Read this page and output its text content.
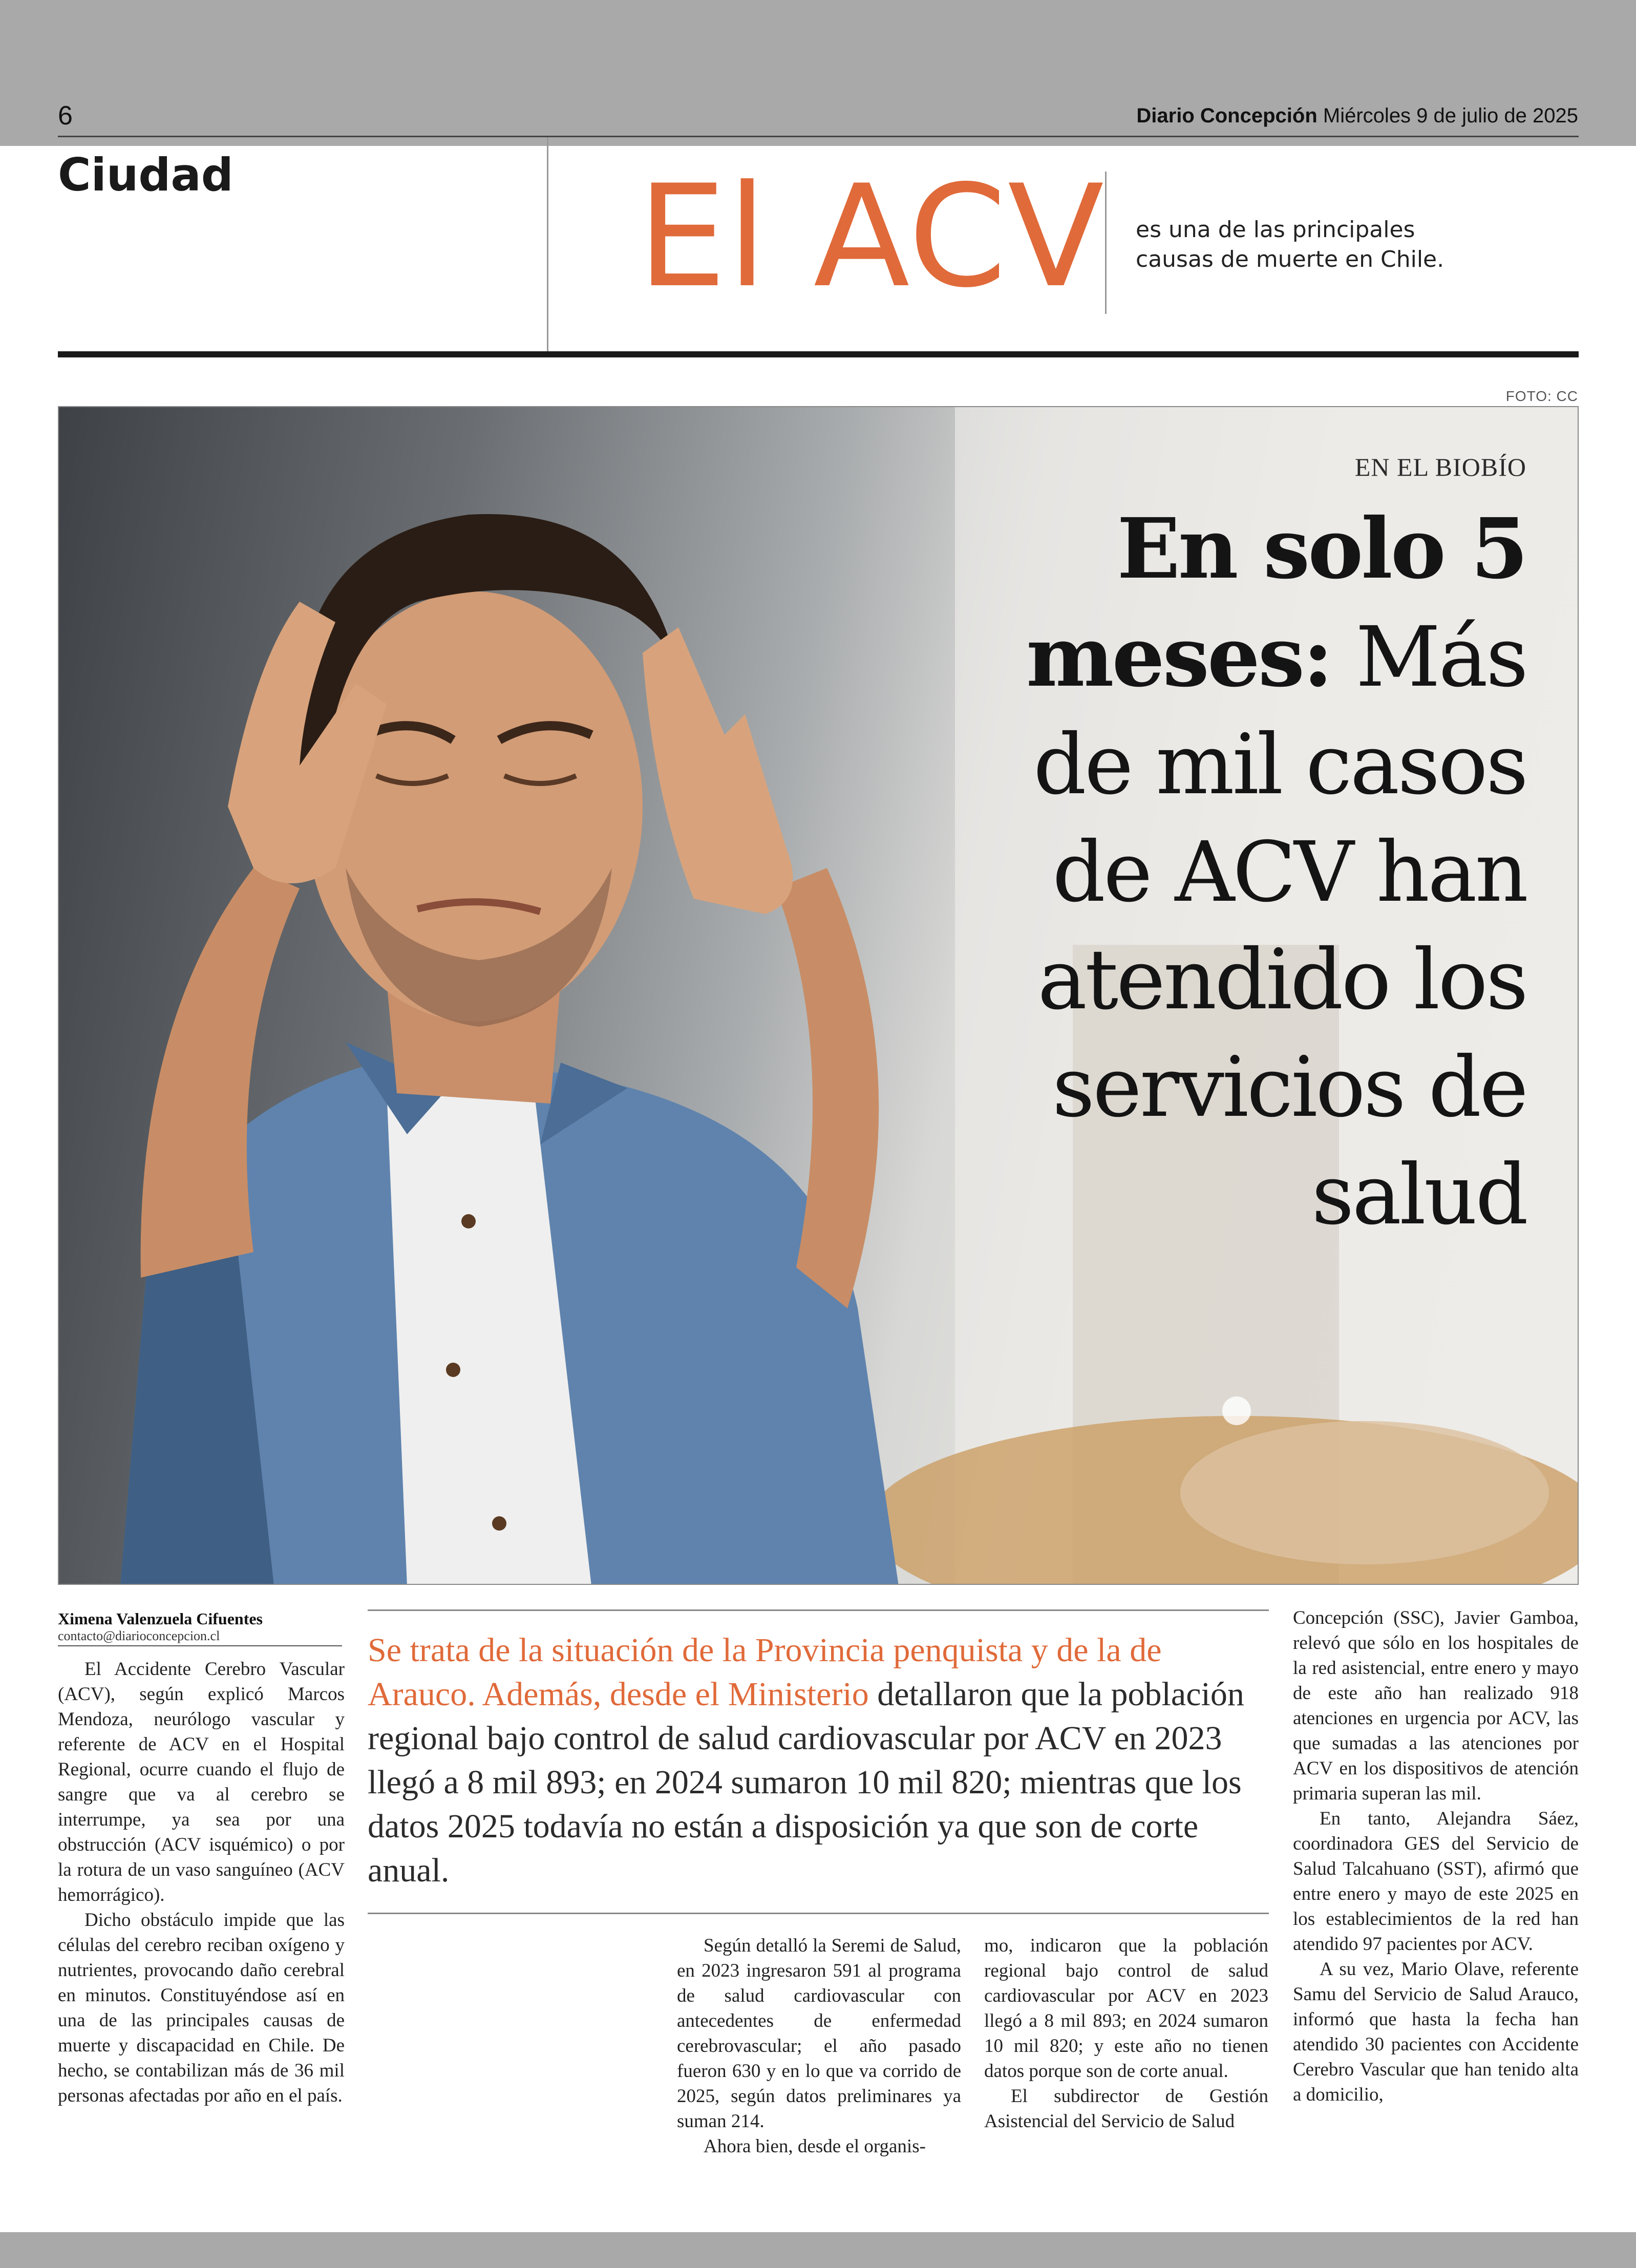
6	Diario Concepción Miércoles 9 de julio de 2025
Ciudad	El ACV es una de las principales causas de muerte en Chile.
FOTO: CC
EN EL BIOBÍO
En solo 5 meses: Más de mil casos de ACV han atendido los servicios de salud
Ximena Valenzuela Cifuentes
contacto@diarioconcepcion.cl

El Accidente Cerebro Vascular (ACV), según explicó Marcos Mendoza, neurólogo vascular y referente de ACV en el Hospital Regional, ocurre cuando el flujo de sangre que va al cerebro se interrumpe, ya sea por una obstrucción (ACV isquémico) o por la rotura de un vaso sanguíneo (ACV hemorrágico).

Dicho obstáculo impide que las células del cerebro reciban oxígeno y nutrientes, provocando daño cerebral en minutos. Constituyéndose así en una de las principales causas de muerte y discapacidad en Chile. De hecho, se contabilizan más de 36 mil personas afectadas por año en el país.

Se trata de la situación de la Provincia penquista y de la de Arauco. Además, desde el Ministerio detallaron que la población regional bajo control de salud cardiovascular por ACV en 2023 llegó a 8 mil 893; en 2024 sumaron 10 mil 820; mientras que los datos 2025 todavía no están a disposición ya que son de corte anual.

Según detalló la Seremi de Salud, en 2023 ingresaron 591 al programa de salud cardiovascular con antecedentes de enfermedad cerebrovascular; el año pasado fueron 630 y en lo que va corrido de 2025, según datos preliminares ya suman 214.

Ahora bien, desde el organis-

mo, indicaron que la población regional bajo control de salud cardiovascular por ACV en 2023 llegó a 8 mil 893; en 2024 sumaron 10 mil 820; y este año no tienen datos porque son de corte anual.

El subdirector de Gestión Asistencial del Servicio de Salud

Concepción (SSC), Javier Gamboa, relevó que sólo en los hospitales de la red asistencial, entre enero y mayo de este año han realizado 918 atenciones en urgencia por ACV, las que sumadas a las atenciones por ACV en los dispositivos de atención primaria superan las mil.

En tanto, Alejandra Sáez, coordinadora GES del Servicio de Salud Talcahuano (SST), afirmó que entre enero y mayo de este 2025 en los establecimientos de la red han atendido 97 pacientes por ACV.

A su vez, Mario Olave, referente Samu del Servicio de Salud Arauco, informó que hasta la fecha han atendido 30 pacientes con Accidente Cerebro Vascular que han tenido alta a domicilio,
